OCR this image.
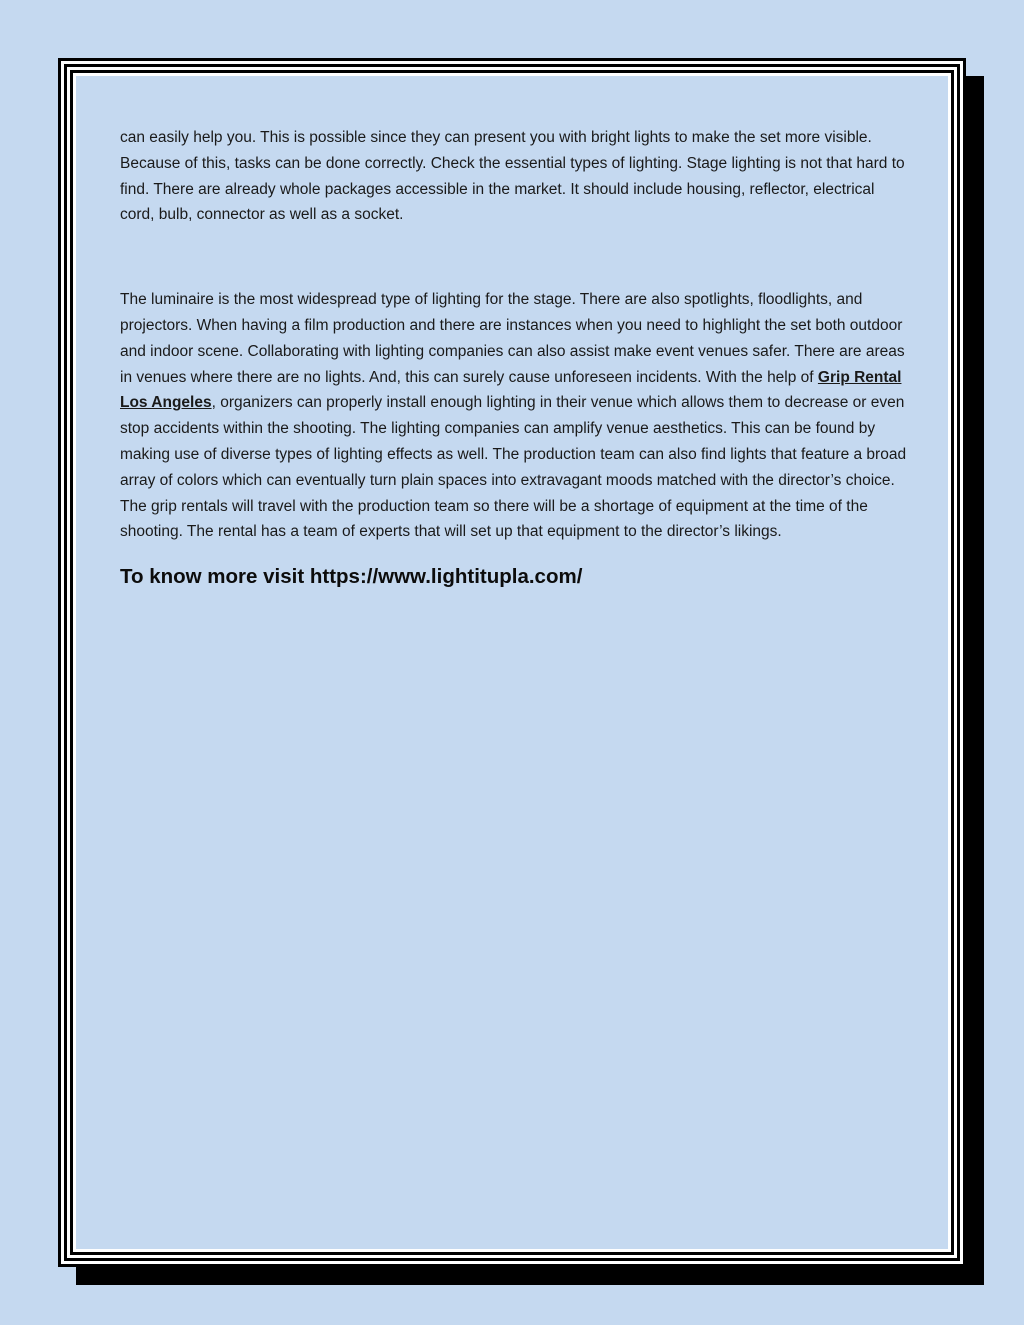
can easily help you. This is possible since they can present you with bright lights to make the set more visible. Because of this, tasks can be done correctly. Check the essential types of lighting. Stage lighting is not that hard to find. There are already whole packages accessible in the market. It should include housing, reflector, electrical cord, bulb, connector as well as a socket.

The luminaire is the most widespread type of lighting for the stage. There are also spotlights, floodlights, and projectors. When having a film production and there are instances when you need to highlight the set both outdoor and indoor scene. Collaborating with lighting companies can also assist make event venues safer. There are areas in venues where there are no lights. And, this can surely cause unforeseen incidents. With the help of Grip Rental Los Angeles, organizers can properly install enough lighting in their venue which allows them to decrease or even stop accidents within the shooting. The lighting companies can amplify venue aesthetics. This can be found by making use of diverse types of lighting effects as well. The production team can also find lights that feature a broad array of colors which can eventually turn plain spaces into extravagant moods matched with the director’s choice. The grip rentals will travel with the production team so there will be a shortage of equipment at the time of the shooting. The rental has a team of experts that will set up that equipment to the director’s likings.

To know more visit https://www.lightitupla.com/
